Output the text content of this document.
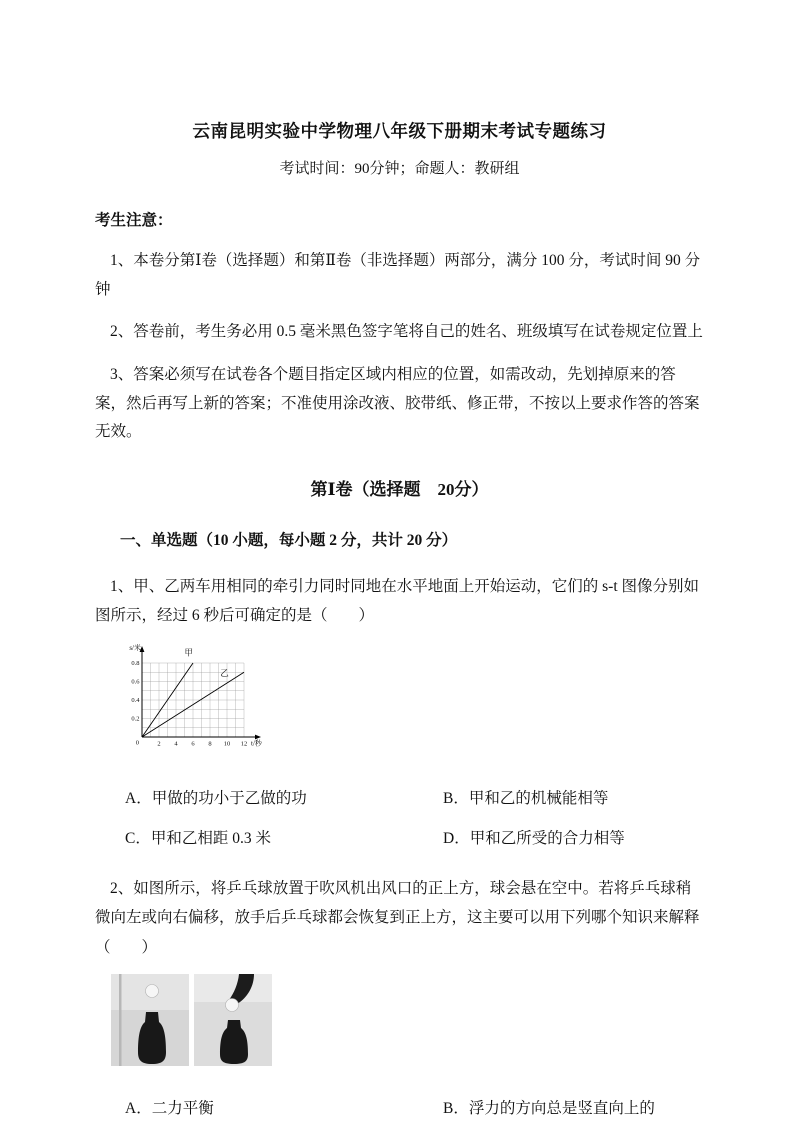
云南昆明实验中学物理八年级下册期末考试专题练习
考试时间：90分钟；命题人：教研组
考生注意：

1、本卷分第Ⅰ卷（选择题）和第Ⅱ卷（非选择题）两部分，满分 100 分，考试时间 90 分钟

2、答卷前，考生务必用 0.5 毫米黑色签字笔将自己的姓名、班级填写在试卷规定位置上

3、答案必须写在试卷各个题目指定区域内相应的位置，如需改动，先划掉原来的答案，然后再写上新的答案；不准使用涂改液、胶带纸、修正带，不按以上要求作答的答案无效。

第Ⅰ卷（选择题　20分）
一、单选题（10 小题，每小题 2 分，共计 20 分）

1、甲、乙两车用相同的牵引力同时同地在水平地面上开始运动，它们的 s-t 图像分别如图所示，经过 6 秒后可确定的是（　　）

2 4 6 8 10 12
0.2
0.4
0.6
0.8
0
s/米
t/秒
甲
乙
A．甲做的功小于乙做的功	B．甲和乙的机械能相等
C．甲和乙相距 0.3 米	D．甲和乙所受的合力相等

2、如图所示，将乒乓球放置于吹风机出风口的正上方，球会悬在空中。若将乒乓球稍微向左或向右偏移，放手后乒乓球都会恢复到正上方，这主要可以用下列哪个知识来解释（　　）

A．二力平衡	B．浮力的方向总是竖直向上的
